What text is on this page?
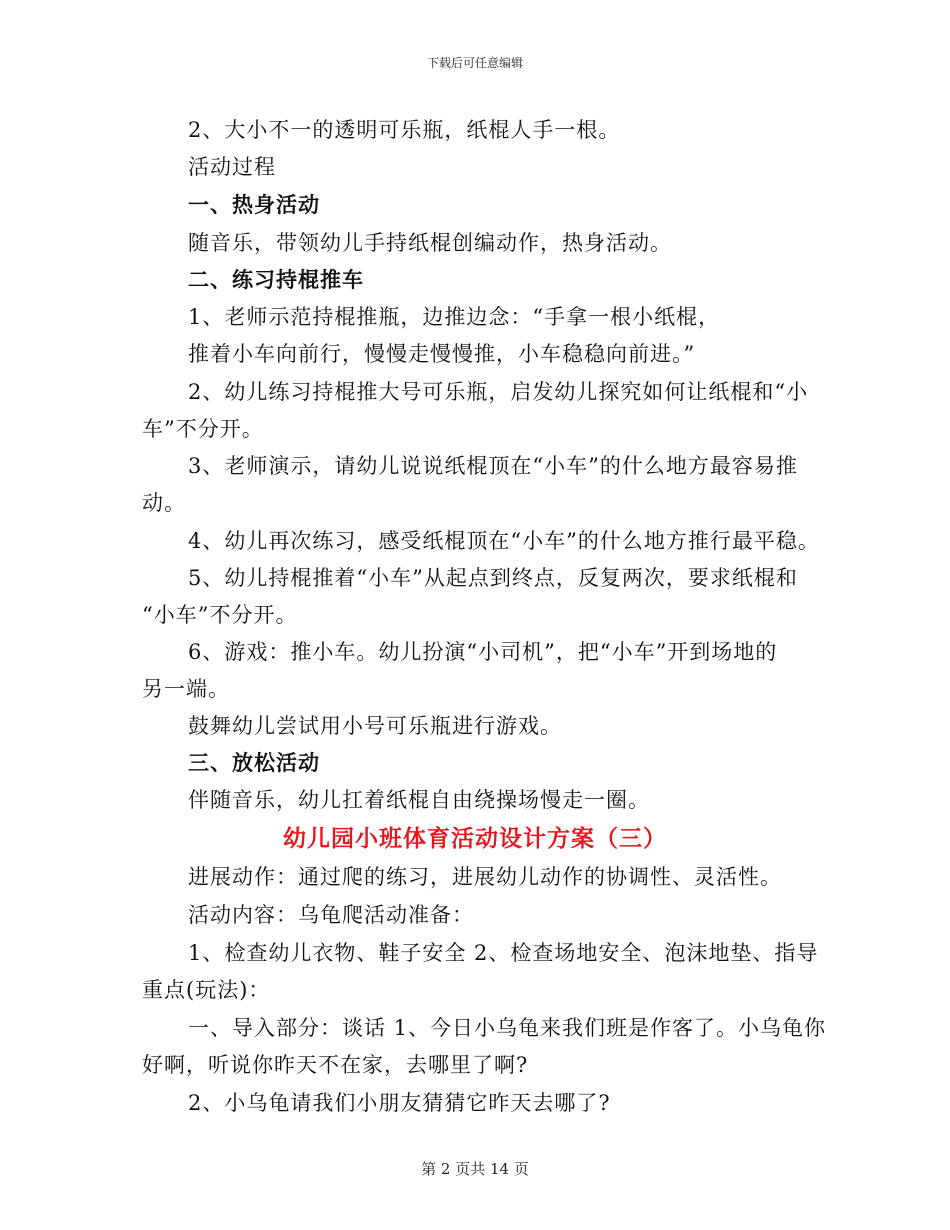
下载后可任意编辑
2、大小不一的透明可乐瓶，纸棍人手一根。
活动过程
一、热身活动
随音乐，带领幼儿手持纸棍创编动作，热身活动。
二、练习持棍推车
1、老师示范持棍推瓶，边推边念：“手拿一根小纸棍，
推着小车向前行，慢慢走慢慢推，小车稳稳向前进。”
2、幼儿练习持棍推大号可乐瓶，启发幼儿探究如何让纸棍和“小
车”不分开。
3、老师演示，请幼儿说说纸棍顶在“小车”的什么地方最容易推
动。
4、幼儿再次练习，感受纸棍顶在“小车”的什么地方推行最平稳。
5、幼儿持棍推着“小车”从起点到终点，反复两次，要求纸棍和
“小车”不分开。
6、游戏：推小车。幼儿扮演“小司机”，把“小车”开到场地的
另一端。
鼓舞幼儿尝试用小号可乐瓶进行游戏。
三、放松活动
伴随音乐，幼儿扛着纸棍自由绕操场慢走一圈。
幼儿园小班体育活动设计方案（三）
进展动作：通过爬的练习，进展幼儿动作的协调性、灵活性。
活动内容：乌龟爬活动准备：
1、检查幼儿衣物、鞋子安全 2、检查场地安全、泡沫地垫、指导
重点(玩法)：
一、导入部分：谈话 1、今日小乌龟来我们班是作客了。小乌龟你
好啊，听说你昨天不在家，去哪里了啊?
2、小乌龟请我们小朋友猜猜它昨天去哪了?
第 2 页共 14 页
